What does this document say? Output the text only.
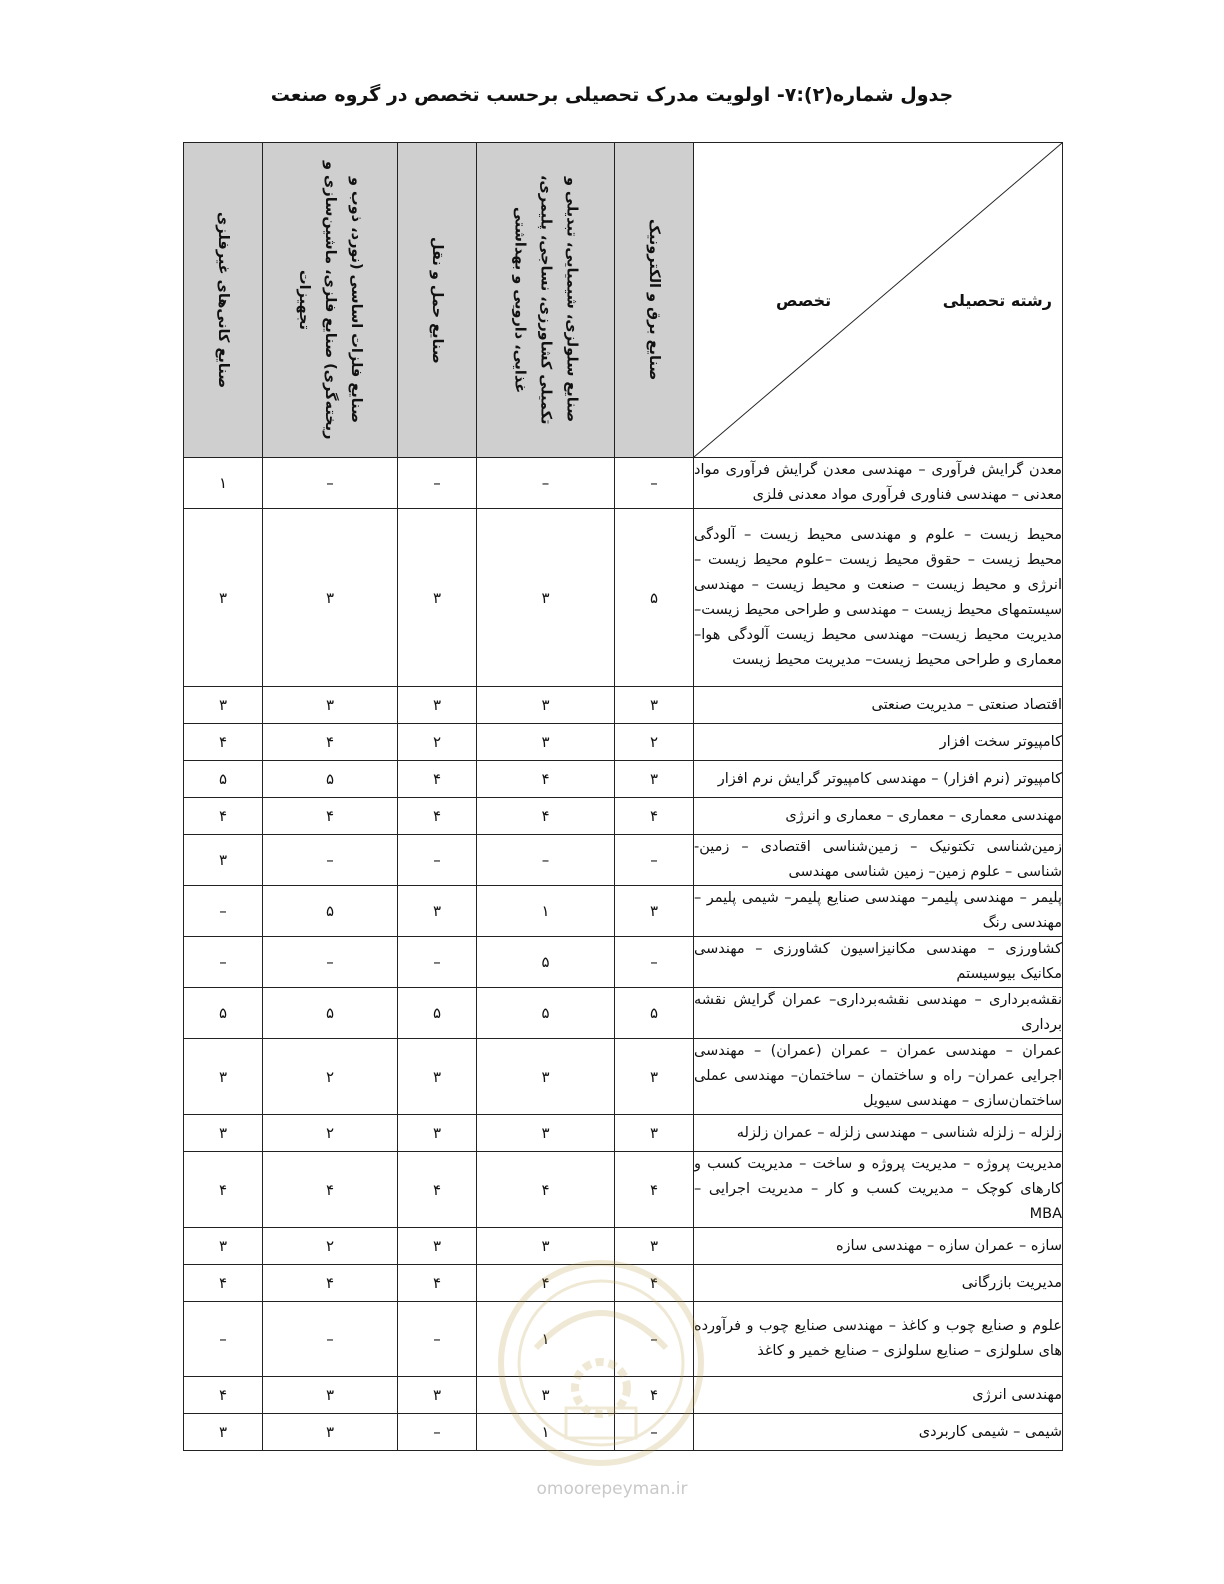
جدول شماره(۲):۷- اولویت مدرک تحصیلی برحسب تخصص در گروه صنعت
رشته تحصیلی
تخصص	صنایع برق و الکترونیک	صنایع سلولزی، شیمیایی، تبدیلی و تکمیلی کشاورزی، نساجی، پلیمری، غذایی، دارویی و بهداشتی	صنایع حمل و نقل	صنایع فلزات اساسی (نورد، ذوب و ریخته‌گری) صنایع فلزی، ماشین‌سازی و تجهیزات	صنایع کانی‌های غیرفلزی

معدن گرایش فرآوری – مهندسی معدن گرایش فرآوری مواد معدنی – مهندسی فناوری فرآوری مواد معدنی فلزی	–	–	–	–	۱
محیط زیست – علوم و مهندسی محیط زیست – آلودگی محیط زیست – حقوق محیط زیست –علوم محیط زیست – انرژی و محیط زیست – صنعت و محیط زیست – مهندسی سیستمهای محیط زیست – مهندسی و طراحی محیط زیست– مدیریت محیط زیست– مهندسی محیط زیست آلودگی هوا– معماری و طراحی محیط زیست– مدیریت محیط زیست	۵	۳	۳	۳	۳
اقتصاد صنعتی – مدیریت صنعتی	۳	۳	۳	۳	۳
کامپیوتر سخت افزار	۲	۳	۲	۴	۴
کامپیوتر (نرم افزار) – مهندسی کامپیوتر گرایش نرم افزار	۳	۴	۴	۵	۵
مهندسی معماری – معماری – معماری و انرژی	۴	۴	۴	۴	۴
زمین‌شناسی تکتونیک – زمین‌شناسی اقتصادی – زمین-شناسی – علوم زمین– زمین شناسی مهندسی	–	–	–	–	۳
پلیمر – مهندسی پلیمر– مهندسی صنایع پلیمر– شیمی پلیمر – مهندسی رنگ	۳	۱	۳	۵	–
کشاورزی – مهندسی مکانیزاسیون کشاورزی – مهندسی مکانیک بیوسیستم	–	۵	–	–	–
نقشه‌برداری – مهندسی نقشه‌برداری– عمران گرایش نقشه برداری	۵	۵	۵	۵	۵
عمران – مهندسی عمران – عمران (عمران) – مهندسی اجرایی عمران– راه و ساختمان – ساختمان– مهندسی عملی ساختمان‌سازی – مهندسی سیویل	۳	۳	۳	۲	۳
زلزله – زلزله شناسی – مهندسی زلزله – عمران زلزله	۳	۳	۳	۲	۳
مدیریت پروژه – مدیریت پروژه و ساخت – مدیریت کسب و کارهای کوچک – مدیریت کسب و کار – مدیریت اجرایی – MBA	۴	۴	۴	۴	۴
سازه – عمران سازه – مهندسی سازه	۳	۳	۳	۲	۳
مدیریت بازرگانی	۴	۴	۴	۴	۴
علوم و صنایع چوب و کاغذ – مهندسی صنایع چوب و فرآورده های سلولزی – صنایع سلولزی – صنایع خمیر و کاغذ	–	۱	–	–	–
مهندسی انرژی	۴	۳	۳	۳	۴
شیمی – شیمی کاربردی	–	۱	–	۳	۳
omoorepeyman.ir
